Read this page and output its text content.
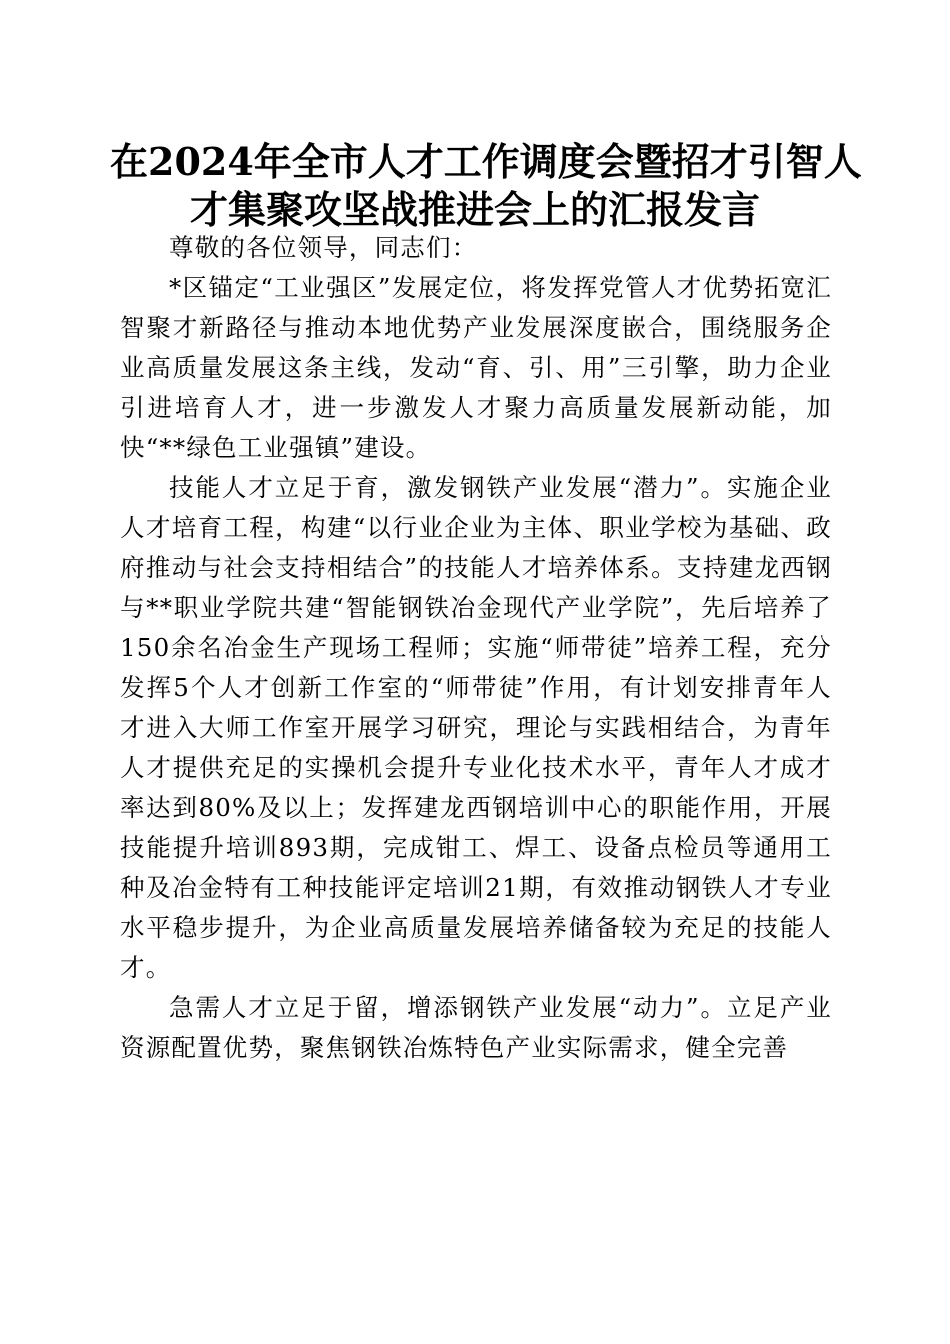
在2024年全市人才工作调度会暨招才引智人
才集聚攻坚战推进会上的汇报发言

尊敬的各位领导，同志们：

*区锚定“工业强区”发展定位，将发挥党管人才优势拓宽汇智聚才新路径与推动本地优势产业发展深度嵌合，围绕服务企业高质量发展这条主线，发动“育、引、用”三引擎，助力企业引进培育人才，进一步激发人才聚力高质量发展新动能，加快“**绿色工业强镇”建设。

技能人才立足于育，激发钢铁产业发展“潜力”。实施企业人才培育工程，构建“以行业企业为主体、职业学校为基础、政府推动与社会支持相结合”的技能人才培养体系。支持建龙西钢与**职业学院共建“智能钢铁冶金现代产业学院”，先后培养了150余名冶金生产现场工程师；实施“师带徒”培养工程，充分发挥5个人才创新工作室的“师带徒”作用，有计划安排青年人才进入大师工作室开展学习研究，理论与实践相结合，为青年人才提供充足的实操机会提升专业化技术水平，青年人才成才率达到80%及以上；发挥建龙西钢培训中心的职能作用，开展技能提升培训893期，完成钳工、焊工、设备点检员等通用工种及冶金特有工种技能评定培训21期，有效推动钢铁人才专业水平稳步提升，为企业高质量发展培养储备较为充足的技能人才。

急需人才立足于留，增添钢铁产业发展“动力”。立足产业资源配置优势，聚焦钢铁冶炼特色产业实际需求，健全完善
